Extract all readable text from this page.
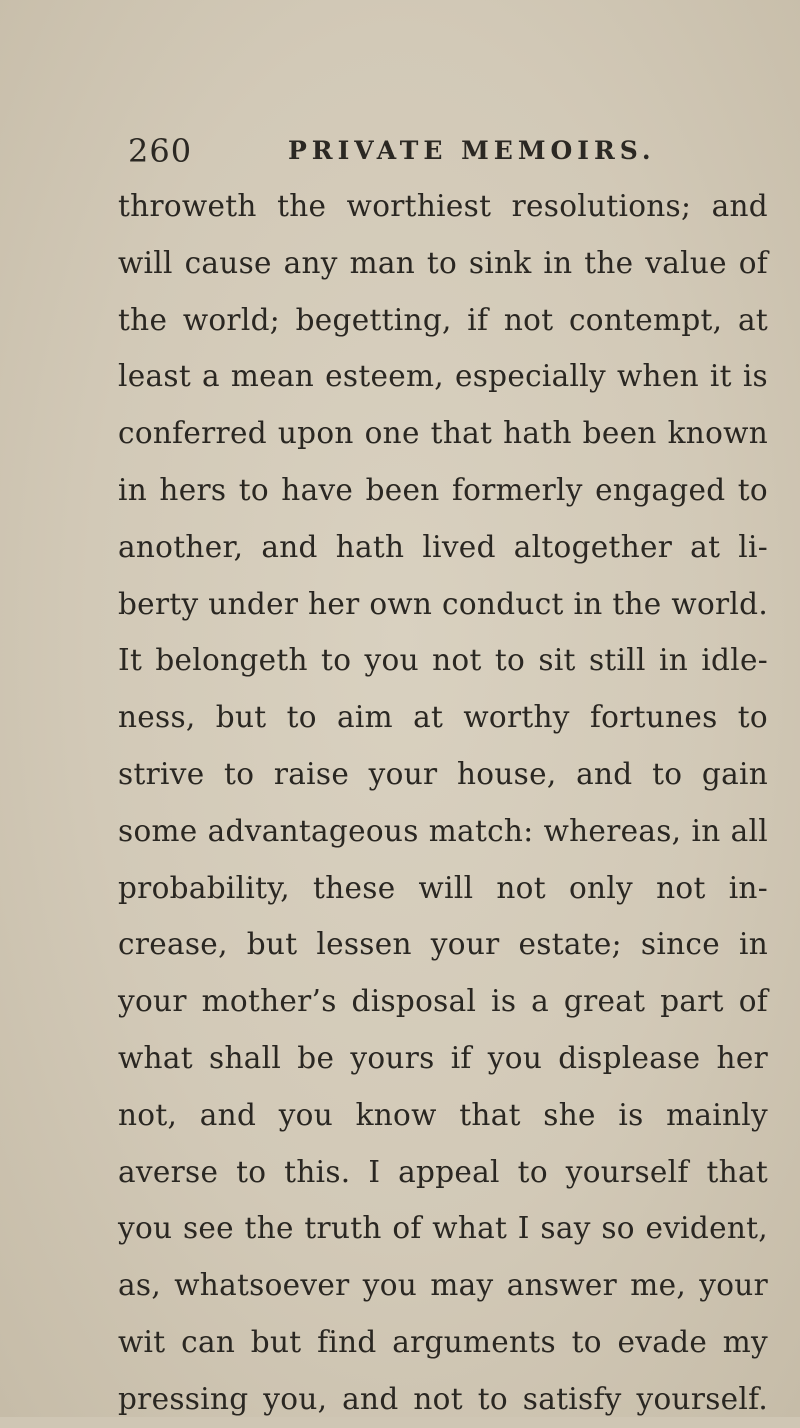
260	PRIVATE MEMOIRS.
throweth the worthiest resolutions; and
will cause any man to sink in the value of
the world; begetting, if not contempt, at
least a mean esteem, especially when it is
conferred upon one that hath been known
in hers to have been formerly engaged to
another, and hath lived altogether at li-
berty under her own conduct in the world.
It belongeth to you not to sit still in idle-
ness, but to aim at worthy fortunes to
strive to raise your house, and to gain
some advantageous match: whereas, in all
probability, these will not only not in-
crease, but lessen your estate; since in
your mother’s disposal is a great part of
what shall be yours if you displease her
not, and you know that she is mainly
averse to this. I appeal to yourself that
you see the truth of what I say so evident,
as, whatsoever you may answer me, your
wit can but find arguments to evade my
pressing you, and not to satisfy yourself.
